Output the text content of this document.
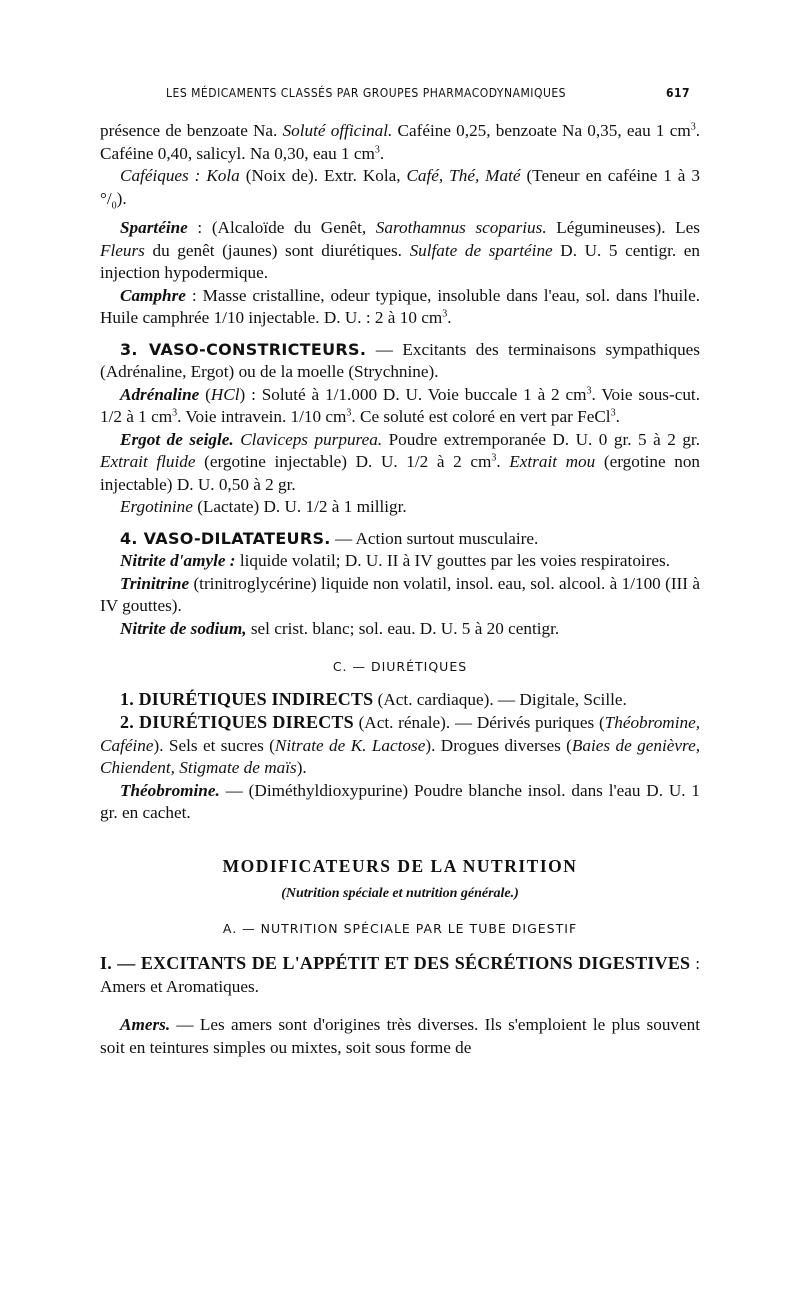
LES MÉDICAMENTS CLASSÉS PAR GROUPES PHARMACODYNAMIQUES	617

présence de benzoate Na. Soluté officinal. Caféine 0,25, benzoate Na 0,35, eau 1 $cm^3$. Caféine 0,40, salicyl. Na 0,30, eau 1 $cm^3$.

Caféiques : Kola (Noix de). Extr. Kola, Café, Thé, Maté (Teneur en caféine 1 à 3 $^\circ/_0$).

Spartéine : (Alcaloïde du Genêt, Sarothamnus scoparius. Légumineuses). Les Fleurs du genêt (jaunes) sont diurétiques. Sulfate de spartéine D. U. 5 centigr. en injection hypodermique.

Camphre : Masse cristalline, odeur typique, insoluble dans l'eau, sol. dans l'huile. Huile camphrée 1/10 injectable. D. U. : 2 à 10 $cm^3$.

3. VASO-CONSTRICTEURS. — Excitants des terminaisons sympathiques (Adrénaline, Ergot) ou de la moelle (Strychnine).

Adrénaline (HCl) : Soluté à 1/1.000 D. U. Voie buccale 1 à 2 $cm^3$. Voie sous-cut. 1/2 à 1 $cm^3$. Voie intravein. 1/10 $cm^3$. Ce soluté est coloré en vert par FeCl$^3$.

Ergot de seigle. Claviceps purpurea. Poudre extremporanée D. U. 0 gr. 5 à 2 gr. Extrait fluide (ergotine injectable) D. U. 1/2 à 2 $cm^3$. Extrait mou (ergotine non injectable) D. U. 0,50 à 2 gr.

Ergotinine (Lactate) D. U. 1/2 à 1 milligr.

4. VASO-DILATATEURS. — Action surtout musculaire.

Nitrite d'amyle : liquide volatil; D. U. II à IV gouttes par les voies respiratoires.

Trinitrine (trinitroglycérine) liquide non volatil, insol. eau, sol. alcool. à 1/100 (III à IV gouttes).

Nitrite de sodium, sel crist. blanc; sol. eau. D. U. 5 à 20 centigr.

C. — DIURÉTIQUES

1. DIURÉTIQUES INDIRECTS (Act. cardiaque). — Digitale, Scille.

2. DIURÉTIQUES DIRECTS (Act. rénale). — Dérivés puriques (Théobromine, Caféine). Sels et sucres (Nitrate de K. Lactose). Drogues diverses (Baies de genièvre, Chiendent, Stigmate de maïs).

Théobromine. — (Diméthyldioxypurine) Poudre blanche insol. dans l'eau D. U. 1 gr. en cachet.

MODIFICATEURS DE LA NUTRITION

(Nutrition spéciale et nutrition générale.)

A. — NUTRITION SPÉCIALE PAR LE TUBE DIGESTIF

I. — EXCITANTS DE L'APPÉTIT ET DES SÉCRÉTIONS DIGESTIVES : Amers et Aromatiques.

Amers. — Les amers sont d'origines très diverses. Ils s'emploient le plus souvent soit en teintures simples ou mixtes, soit sous forme de
